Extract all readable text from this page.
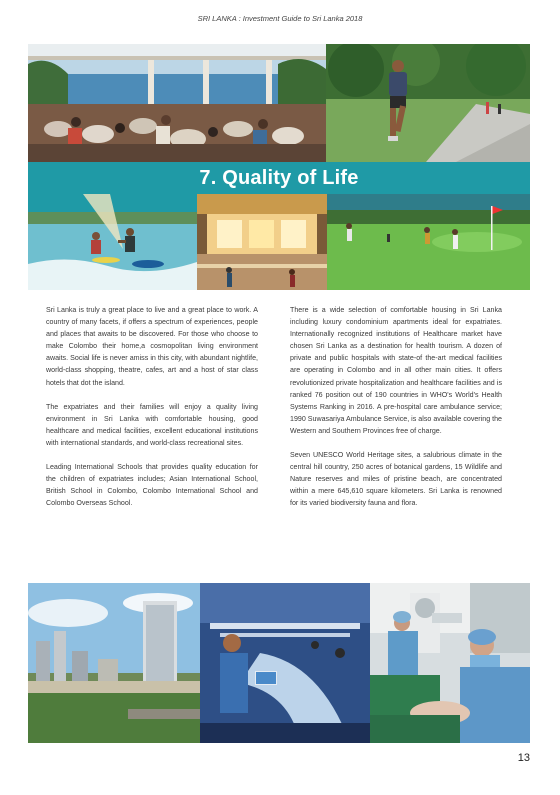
SRI LANKA : Investment Guide to Sri Lanka 2018
7. Quality of Life

Sri Lanka is truly a great place to live and a great place to work. A country of many facets, if offers a spectrum of experiences, people and places that awaits to be discovered. For those who choose to make Colombo their home,a cosmopolitan living environment awaits. Social life is never amiss in this city, with abundant nightlife, world-class shopping, theatre, cafes, art and a host of star class hotels that dot the island.

The expatriates and their families will enjoy a quality living environment in Sri Lanka with comfortable housing, good healthcare and medical facilities, excellent educational institutions with international standards, and world-class recreational sites.

Leading International Schools that provides quality education for the children of expatriates includes; Asian International School, British School in Colombo, Colombo International School and Colombo Overseas School.

There is a wide selection of comfortable housing in Sri Lanka including luxury condominium apartments ideal for expatriates. Internationally recognized institutions of Healthcare market have chosen Sri Lanka as a destination for health tourism. A dozen of private and public hospitals with state-of the-art medical facilities are operating in Colombo and in all other main cities. It offers revolutionized private hospitalization and healthcare facilities and is ranked 76 position out of 190 countries in WHO's World's Health Systems Ranking in 2016. A pre-hospital care ambulance service; 1990 Suwasariya Ambulance Service, is also available covering the Western and Southern Provinces free of charge.

Seven UNESCO World Heritage sites, a salubrious climate in the central hill country, 250 acres of botanical gardens, 15 Wildlife and Nature reserves and miles of pristine beach, are concentrated within a mere 645,610 square kilometers. Sri Lanka is renowned for its varied biodiversity fauna and flora.

13
